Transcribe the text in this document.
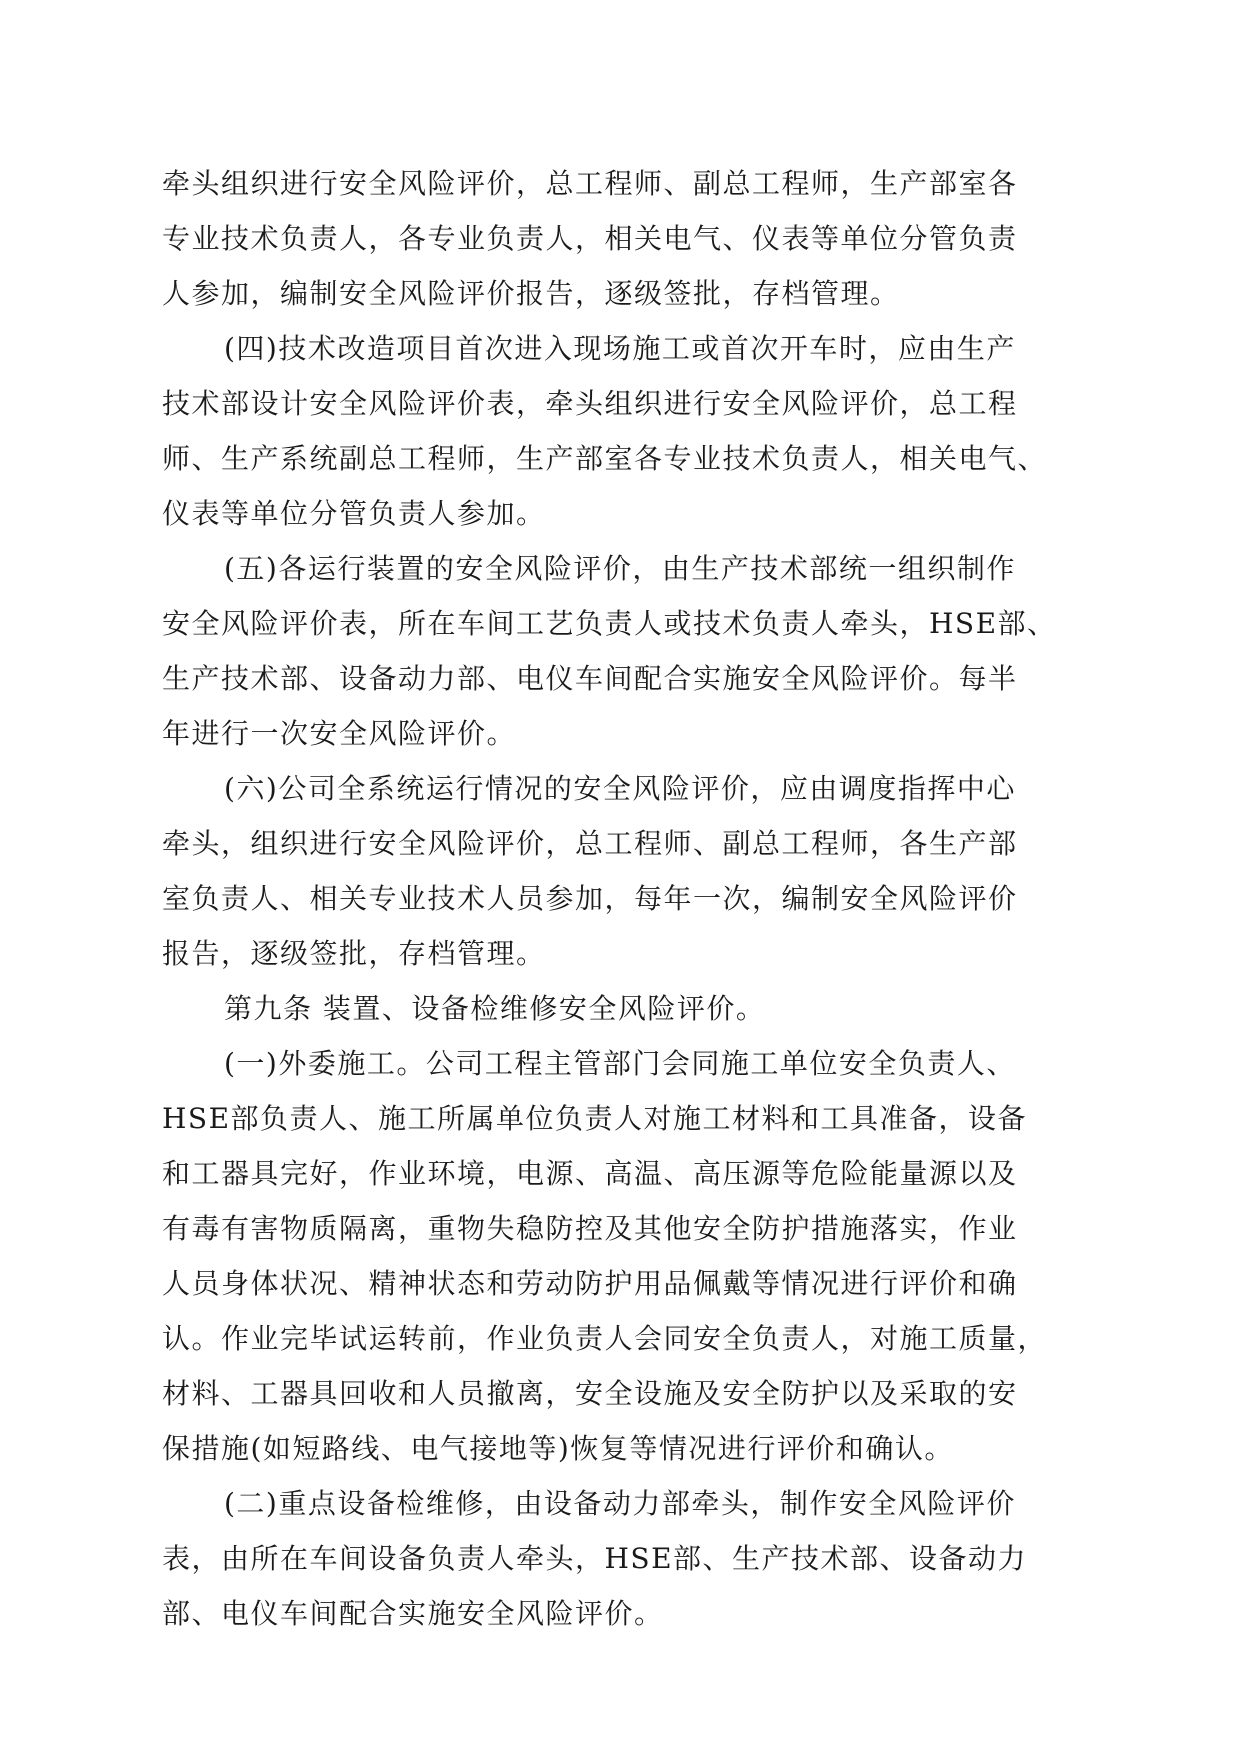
牵头组织进行安全风险评价，总工程师、副总工程师，生产部室各
专业技术负责人，各专业负责人，相关电气、仪表等单位分管负责
人参加，编制安全风险评价报告，逐级签批，存档管理。
(四)技术改造项目首次进入现场施工或首次开车时，应由生产
技术部设计安全风险评价表，牵头组织进行安全风险评价，总工程
师、生产系统副总工程师，生产部室各专业技术负责人，相关电气、
仪表等单位分管负责人参加。
(五)各运行装置的安全风险评价，由生产技术部统一组织制作
安全风险评价表，所在车间工艺负责人或技术负责人牵头，HSE部、
生产技术部、设备动力部、电仪车间配合实施安全风险评价。每半
年进行一次安全风险评价。
(六)公司全系统运行情况的安全风险评价，应由调度指挥中心
牵头，组织进行安全风险评价，总工程师、副总工程师，各生产部
室负责人、相关专业技术人员参加，每年一次，编制安全风险评价
报告，逐级签批，存档管理。
第九条 装置、设备检维修安全风险评价。
(一)外委施工。公司工程主管部门会同施工单位安全负责人、
HSE部负责人、施工所属单位负责人对施工材料和工具准备，设备
和工器具完好，作业环境，电源、高温、高压源等危险能量源以及
有毒有害物质隔离，重物失稳防控及其他安全防护措施落实，作业
人员身体状况、精神状态和劳动防护用品佩戴等情况进行评价和确
认。作业完毕试运转前，作业负责人会同安全负责人，对施工质量，
材料、工器具回收和人员撤离，安全设施及安全防护以及采取的安
保措施(如短路线、电气接地等)恢复等情况进行评价和确认。
(二)重点设备检维修，由设备动力部牵头，制作安全风险评价
表，由所在车间设备负责人牵头，HSE部、生产技术部、设备动力
部、电仪车间配合实施安全风险评价。
